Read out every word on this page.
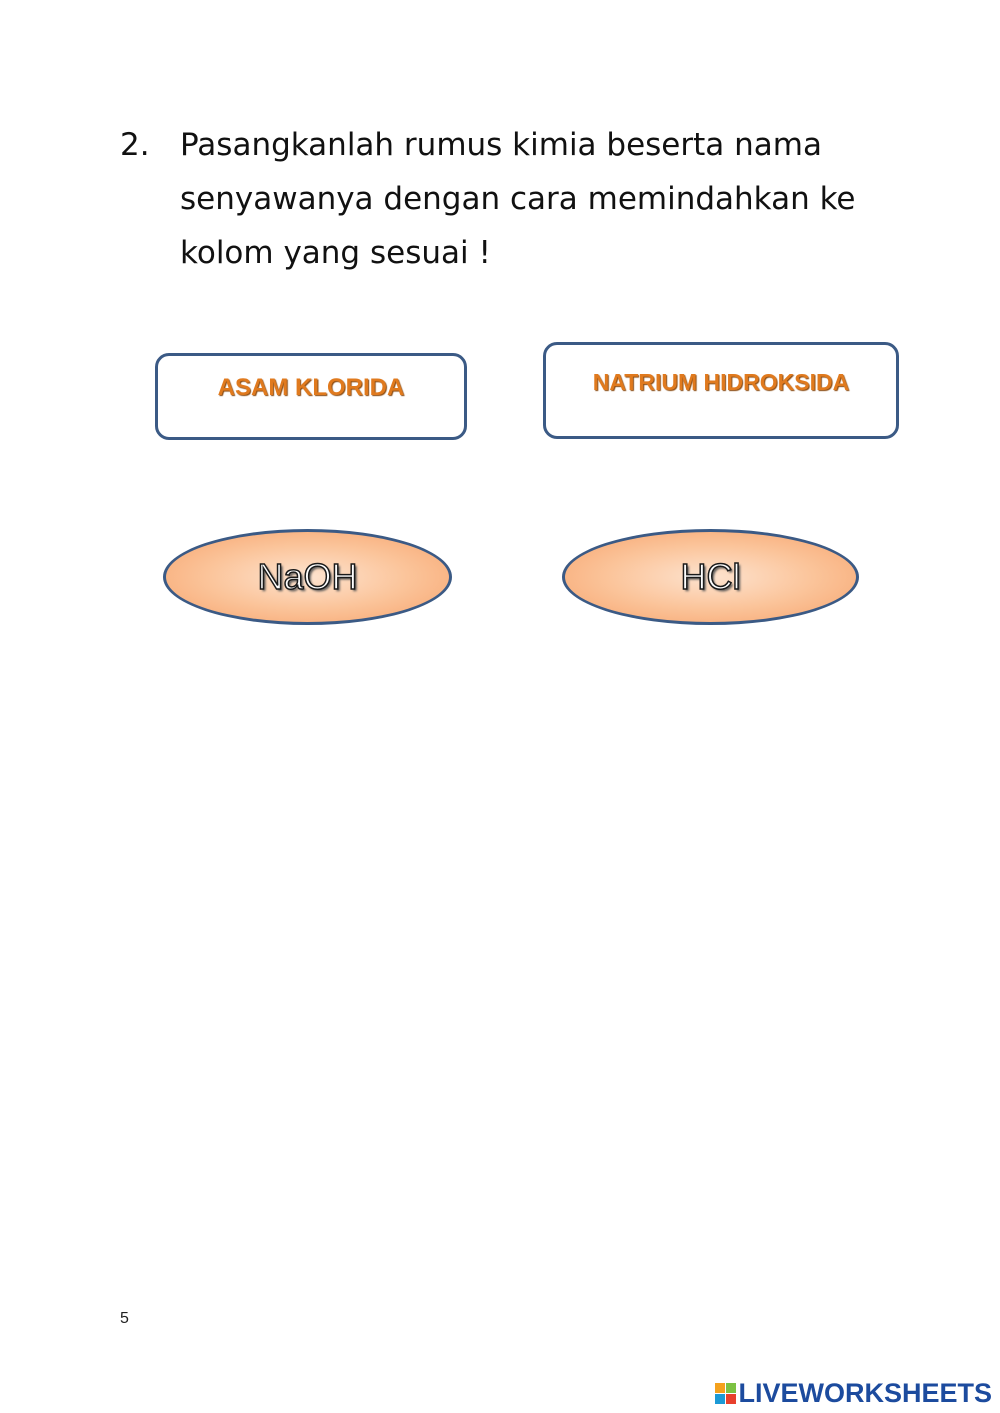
2. Pasangkanlah rumus kimia beserta nama senyawanya dengan cara memindahkan ke kolom yang sesuai !
ASAM KLORIDA	NATRIUM HIDROKSIDA
NaOH	HCl
5
LIVEWORKSHEETS
